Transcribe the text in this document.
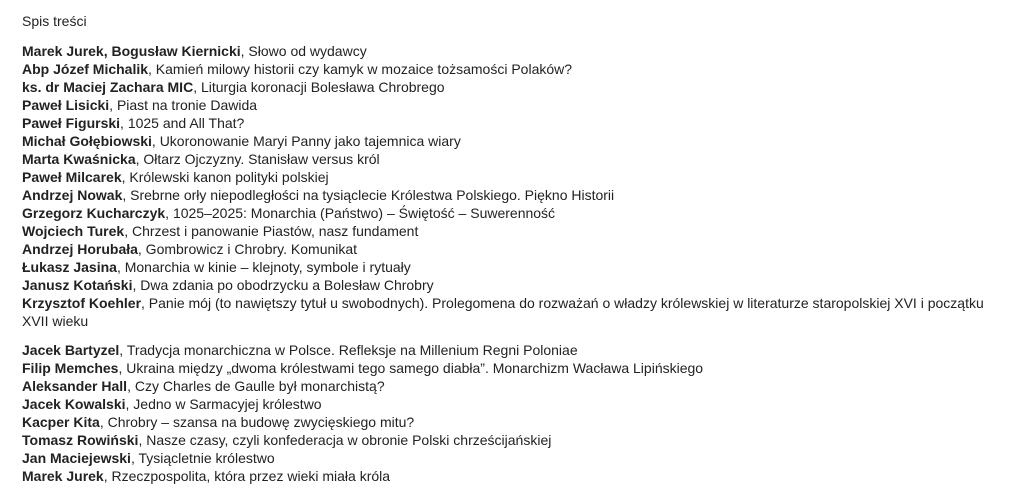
Spis treści
Marek Jurek, Bogusław Kiernicki, Słowo od wydawcy
Abp Józef Michalik, Kamień milowy historii czy kamyk w mozaice tożsamości Polaków?
ks. dr Maciej Zachara MIC, Liturgia koronacji Bolesława Chrobrego
Paweł Lisicki, Piast na tronie Dawida
Paweł Figurski, 1025 and All That?
Michał Gołębiowski, Ukoronowanie Maryi Panny jako tajemnica wiary
Marta Kwaśnicka, Ołtarz Ojczyzny. Stanisław versus król
Paweł Milcarek, Królewski kanon polityki polskiej
Andrzej Nowak, Srebrne orły niepodległości na tysiąclecie Królestwa Polskiego. Piękno Historii
Grzegorz Kucharczyk, 1025–2025: Monarchia (Państwo) – Świętość – Suwerenność
Wojciech Turek, Chrzest i panowanie Piastów, nasz fundament
Andrzej Horubała, Gombrowicz i Chrobry. Komunikat
Łukasz Jasina, Monarchia w kinie – klejnoty, symbole i rytuały
Janusz Kotański, Dwa zdania po obodrzycku a Bolesław Chrobry
Krzysztof Koehler, Panie mój (to nawiętszy tytuł u swobodnych). Prolegomena do rozważań o władzy królewskiej w literaturze staropolskiej XVI i początku XVII wieku
Jacek Bartyzel, Tradycja monarchiczna w Polsce. Refleksje na Millenium Regni Poloniae
Filip Memches, Ukraina między „dwoma królestwami tego samego diabła”. Monarchizm Wacława Lipińskiego
Aleksander Hall, Czy Charles de Gaulle był monarchistą?
Jacek Kowalski, Jedno w Sarmacyjej królestwo
Kacper Kita, Chrobry – szansa na budowę zwycięskiego mitu?
Tomasz Rowiński, Nasze czasy, czyli konfederacja w obronie Polski chrześcijańskiej
Jan Maciejewski, Tysiącletnie królestwo
Marek Jurek, Rzeczpospolita, która przez wieki miała króla
